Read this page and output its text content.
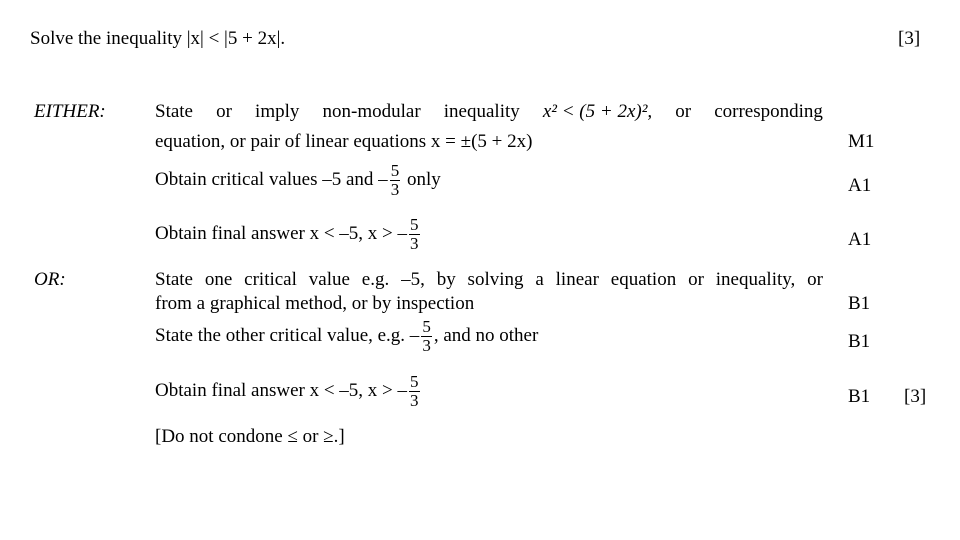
Solve the inequality |x| < |5 + 2x|.	[3]
EITHER:	State or imply non-modular inequality x² < (5 + 2x)², or corresponding
equation, or pair of linear equations x = ±(5 + 2x)	M1
Obtain critical values –5 and – $\frac{5}{3}$ only	A1
Obtain final answer x < –5, x > – $\frac{5}{3}$	A1
OR:	State one critical value e.g. –5, by solving a linear equation or inequality, or
from a graphical method, or by inspection	B1
State the other critical value, e.g. – $\frac{5}{3}$ , and no other	B1
Obtain final answer x < –5, x > – $\frac{5}{3}$	B1 [3]
[Do not condone ≤ or ≥.]
